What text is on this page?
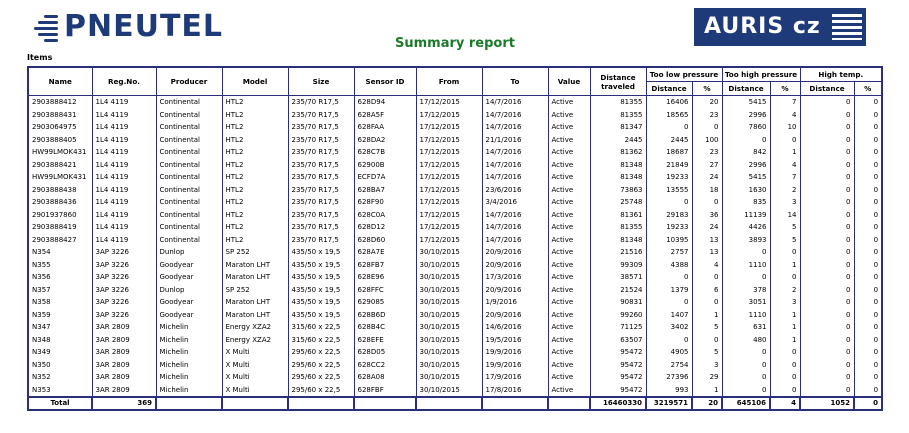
PNEUTEL	AURIS cz
Summary report
Items
Name	Reg.No.	Producer	Model	Size	Sensor ID	From	To	Value	Distance traveled	Too low pressure		Too high pressure		High temp.	
										Distance	%	Distance	%	Distance	%
2903888412	1L4 4119	Continental	HTL2	235/70 R17,5	628D94	17/12/2015	14/7/2016	Active	81355	16406	20	5415	7	0	0
2903888431	1L4 4119	Continental	HTL2	235/70 R17,5	628A5F	17/12/2015	14/7/2016	Active	81355	18565	23	2996	4	0	0
2903064975	1L4 4119	Continental	HTL2	235/70 R17,5	628FAA	17/12/2015	14/7/2016	Active	81347	0	0	7860	10	0	0
2903888405	1L4 4119	Continental	HTL2	235/70 R17,5	628DA2	17/12/2015	21/1/2016	Active	2445	2445	100	0	0	0	0
HW99LMOK431	1L4 4119	Continental	HTL2	235/70 R17,5	628C7B	17/12/2015	14/7/2016	Active	81362	18687	23	842	1	0	0
2903888421	1L4 4119	Continental	HTL2	235/70 R17,5	62900B	17/12/2015	14/7/2016	Active	81348	21849	27	2996	4	0	0
HW99LMOK431	1L4 4119	Continental	HTL2	235/70 R17,5	ECFD7A	17/12/2015	14/7/2016	Active	81348	19233	24	5415	7	0	0
2903888438	1L4 4119	Continental	HTL2	235/70 R17,5	628BA7	17/12/2015	23/6/2016	Active	73863	13555	18	1630	2	0	0
2903888436	1L4 4119	Continental	HTL2	235/70 R17,5	628F90	17/12/2015	3/4/2016	Active	25748	0	0	835	3	0	0
2901937860	1L4 4119	Continental	HTL2	235/70 R17,5	628C0A	17/12/2015	14/7/2016	Active	81361	29183	36	11139	14	0	0
2903888419	1L4 4119	Continental	HTL2	235/70 R17,5	628D12	17/12/2015	14/7/2016	Active	81355	19233	24	4426	5	0	0
2903888427	1L4 4119	Continental	HTL2	235/70 R17,5	628D60	17/12/2015	14/7/2016	Active	81348	10395	13	3893	5	0	0
N354	3AP 3226	Dunlop	SP 252	435/50 x 19,5	628A7E	30/10/2015	20/9/2016	Active	21516	2757	13	0	0	0	0
N355	3AP 3226	Goodyear	Maraton LHT	435/50 x 19,5	628FB7	30/10/2015	20/9/2016	Active	99309	4388	4	1110	1	0	0
N356	3AP 3226	Goodyear	Maraton LHT	435/50 x 19,5	628E96	30/10/2015	17/3/2016	Active	38571	0	0	0	0	0	0
N357	3AP 3226	Dunlop	SP 252	435/50 x 19,5	628FFC	30/10/2015	20/9/2016	Active	21524	1379	6	378	2	0	0
N358	3AP 3226	Goodyear	Maraton LHT	435/50 x 19,5	629085	30/10/2015	1/9/2016	Active	90831	0	0	3051	3	0	0
N359	3AP 3226	Goodyear	Maraton LHT	435/50 x 19,5	628B6D	30/10/2015	20/9/2016	Active	99260	1407	1	1110	1	0	0
N347	3AR 2809	Michelin	Energy XZA2	315/60 x 22,5	628B4C	30/10/2015	14/6/2016	Active	71125	3402	5	631	1	0	0
N348	3AR 2809	Michelin	Energy XZA2	315/60 x 22,5	628EFE	30/10/2015	19/5/2016	Active	63507	0	0	480	1	0	0
N349	3AR 2809	Michelin	X Multi	295/60 x 22,5	628D05	30/10/2015	19/9/2016	Active	95472	4905	5	0	0	0	0
N350	3AR 2809	Michelin	X Multi	295/60 x 22,5	628CC2	30/10/2015	19/9/2016	Active	95472	2754	3	0	0	0	0
N352	3AR 2809	Michelin	X Multi	295/60 x 22,5	628A08	30/10/2015	17/9/2016	Active	95472	27396	29	0	0	0	0
N353	3AR 2809	Michelin	X Multi	295/60 x 22,5	628FBF	30/10/2015	17/8/2016	Active	95472	993	1	0	0	0	0
Total	369								16460330	3219571	20	645106	4	1052	0
